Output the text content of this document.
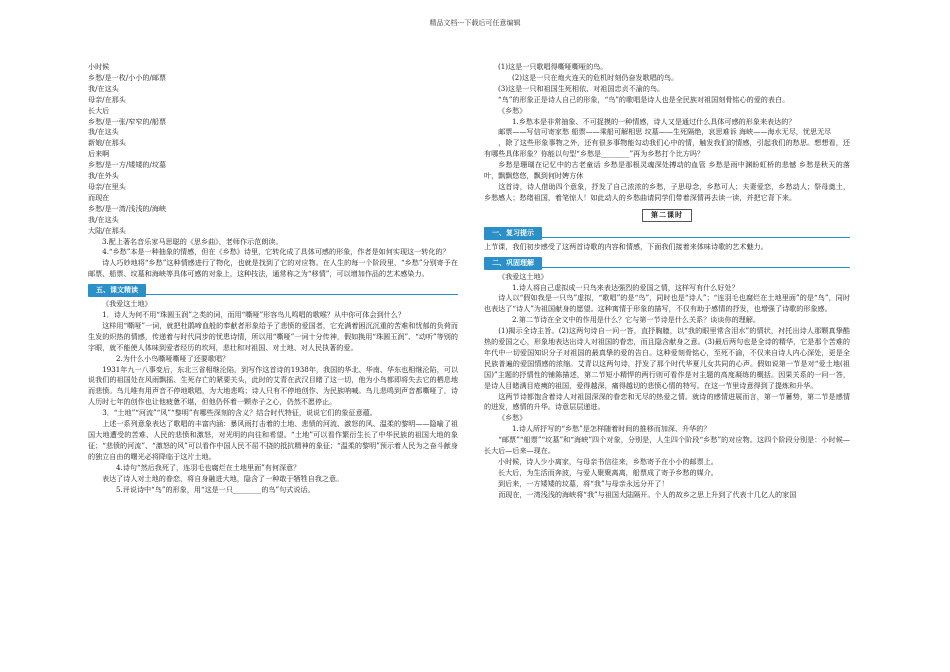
精品文档---下载后可任意编辑
小时候
乡愁/是一枚/小小的/邮票
我/在这头
母亲/在那头
长大后
乡愁/是一张/窄窄的/船票
我/在这头
新娘/在那头
后来啊
乡愁/是一方/矮矮的/坟墓
我/在外头
母亲/在里头
而现在
乡愁/是一湾/浅浅的/海峡
我/在这头
大陆/在那头
3.配上著名音乐家马思聪的《思乡曲》，老师作示范朗读。
4.“乡愁”本是一种抽象的情感，但在《乡愁》诗里，它转化成了具体可感的形象，作者是如何实现这一转化的？
诗人巧妙地将“乡愁”这种情感进行了物化，也就是找到了它的对应物。在人生的每一个阶段里，“乡愁”分别寄予在邮票、船票、坟墓和海峡等具体可感的对象上，这种技法，通常称之为“移情”，可以增加作品的艺术感染力。
五、课文精读
《我爱这土地》
1．诗人为何不用“珠圆玉润”之类的词，而用“嘶哑”形容鸟儿鸣唱的歌喉？从中你可体会到什么？
这样用“嘶哑”一词，就把杜鹃啼血般的奉献者形象给予了悲愤的爱国者，它充满着困沉沉重的苦难和忧郁的负荷而生发的炽热的情感，传递着与时代同步的忧患诗情，所以用“嘶哑”一词十分传神，假如换用“珠圆玉润”、“动听”等别的字眼，就不能使人体味到爱者经历的坎坷，悲壮和对祖国、对土地、对人民执著的爱。
2.为什么小鸟嘶哑嘶哑了还要歌唱？
1931年九一八事变后，东北三省相继沦陷，到写作这首诗的1938年，我国的华北、华南、华东也相继沦陷，可以说我们的祖国处在风雨飘摇、生死存亡的紧要关头，此时的艾青在武汉目睹了这一切，他为小鸟都即将失去它的栖息地而悲愤。鸟儿唯有用声音不停地歌唱，为大地悲鸣；诗人只有不停地创作、为民族呐喊。鸟儿悲鸣到声音都嘶哑了，诗人历时七年的创作也让他疲惫不堪，但他仍怀着一颗赤子之心，仍然不愿停止。
3．“土地”“河流”“风”“黎明”有哪些深刻的含义？结合时代特征，说说它们的象征意蕴。
上述一系列意象表达了歌唱的丰富内涵：暴风雨打击着的土地、悲愤的河流、激怒的风、温柔的黎明——隐喻了祖国大地遭受的苦难、人民的悲愤和激怒，对光明的向往和希望。“土地”可以看作繁衍生长了中华民族的祖国大地的象征；“悲愤的河流”、“激怒的风”可以看作中国人民不屈不挠的抵抗精神的象征；“温柔的黎明”预示着人民为之奋斗献身的独立自由的曙光必将降临于这片土地。
4.诗句“然后我死了，连羽毛也腐烂在土地里面”有何深意？
表达了诗人对土地的眷恋，将自身融进大地，隐含了一种敢于牺牲自我之意。
5.评说诗中“鸟”的形象，用“这是一只________的鸟”句式说话。
(1)这是一只歌唱得嘶哑嘶哑的鸟。
(2)这是一只在炮火连天的危机时刻仍奋发歌唱的鸟。
(3)这是一只和祖国生死相依、对祖国忠贞不渝的鸟。
“鸟”的形象正是诗人自己的形象，“鸟”的歌唱是诗人也是全民族对祖国刻骨铭心的爱的表白。
《乡愁》
1.乡愁本是非常抽象、不可捉摸的一种情感，诗人又是通过什么具体可感的形象来表达的？
邮票——写信可寄家愁 船票——乘船可解相思 坟墓——生死隔绝，哀思难诉 海峡——海水无尽，忧思无尽
，除了这些形象事物之外，还有很多事物能勾动我们心中的情，触发我们的情感，引起我们的愁思。想想看，还有哪些具体形象？你能以句型“乡愁是________”再为乡愁打个比方吗？
乡愁是珊瑚在记忆中的古老童话 乡愁是那根灵魂深处搏动的血管 乡愁是雨中渊盼虹桥的悲憾 乡愁是秋天的落叶，飘飘悠悠，飘到何时娉方休
这首诗，诗人借助四个意象，抒发了自己浓浓的乡愁，子思母念，乡愁可人；夫妻爱恋，乡愁动人；祭母奠土，乡愁感人；愁绪祖国，着笔惊人！如此动人的乡愁曲请同学们带着深情再去读一读，并把它背下来。
第二课时
一、复习提示
上节课，我们初步感受了这两首诗歌的内容和情感，下面我们接着来体味诗歌的艺术魅力。
二、巩固理解
《我爱这土地》
1.诗人将自己虚拟成一只鸟来表达强烈的爱国之情，这样写有什么好处？
诗人以“假如我是一只鸟”虚拟，“歌唱”的是“鸟”，同时也是“诗人”；“连羽毛也腐烂在土地里面”的是“鸟”，同时也表达了“诗人”为祖国献身的愿望。这种寓情于形象的描写，不仅有助于感情的抒发，也增强了诗歌的形象感。
2.第二节诗在全文中的作用是什么？它与第一节诗是什么关系？谈谈你的理解。
(1)揭示全诗主旨。(2)这两句诗自一问一答，直抒胸臆，以“我的眼里常含泪水”的情状，衬托出诗人那颗真挚酷热的爱国之心，形象地表达出诗人对祖国的眷恋，而且隐含献身之意。(3)最后两句也是全诗的精华，它是那个苦难的年代中一切爱国知识分子对祖国的最真挚的爱的告白。这种爱刻骨铭心，至死不渝，不仅来自诗人内心深处，更是全民族普遍的爱国情感的浓缩。艾青以这两句诗，抒发了那个时代华夏儿女共同的心声。假如说第一节是对“爱土地(祖国)”主题的抒情性的铺陈描述，第二节短小精悍的两行则可看作是对主题的高度凝练的概括。因果关系的一问一答，是诗人目睹满目疮痍的祖国，爱得越深，痛得越切的悲愤心情的特写。在这一节里诗意得到了提炼和升华。
这两节诗都饱含着诗人对祖国深深的眷恋和无尽的热爱之情。就诗的感情进展而言，第一节蓄势，第二节是感情的迸发，感情的升华。诗意层层递进。
《乡愁》
1.诗人所抒写的“乡愁”是怎样随着时间的推移而加深、升华的？
“邮票”“船票”“坟墓”和“海峡”四个对象，分别是，人生四个阶段“乡愁”的对应物。这四个阶段分别是：小时候—长大后—后来—现在。
小时候，诗人少小离家，与母亲书信往来，乡愁寄予在小小的邮票上。
长大后，为生活而奔波，与爱人聚聚离离，船票成了寄予乡愁的媒介。
到后来，一方矮矮的坟墓，将“我”与母亲永远分开了！
而现在，一湾浅浅的海峡将“我”与祖国大陆隔开。个人的故乡之思上升到了代表十几亿人的家国
